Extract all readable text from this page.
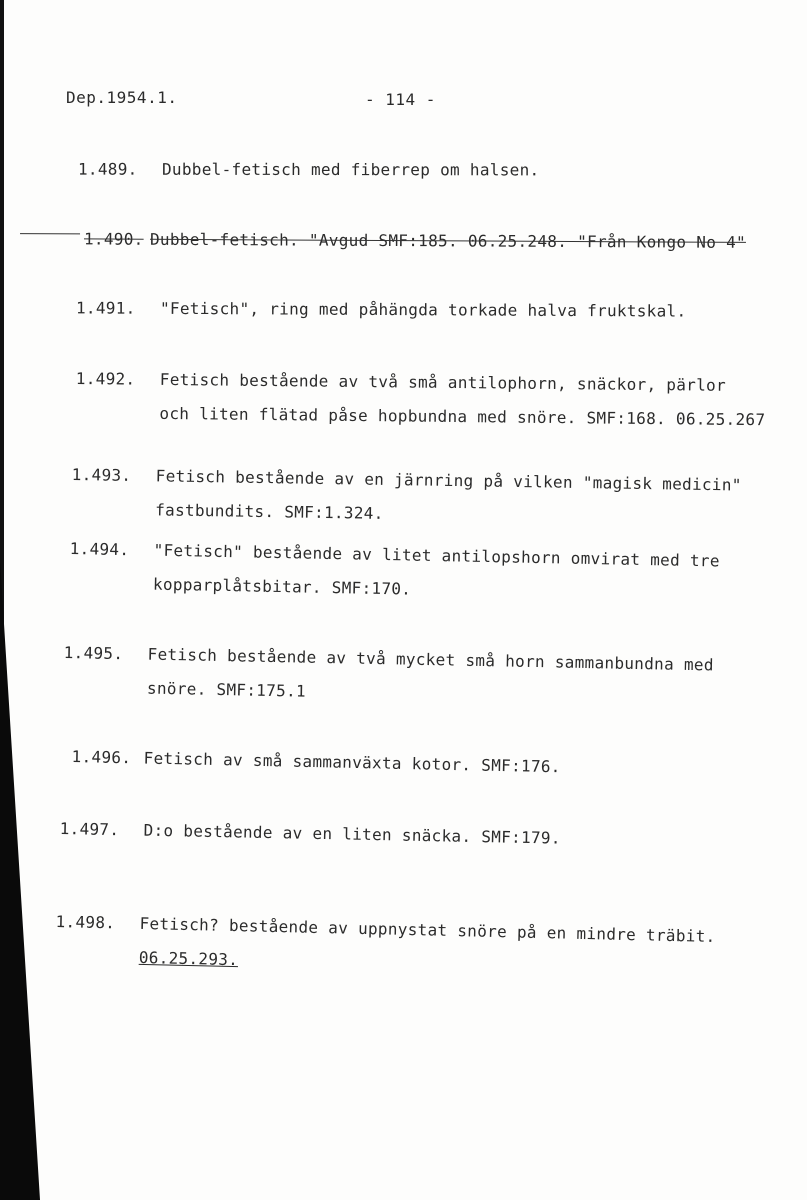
Dep.1954.1.	- 114 -
1.489. Dubbel-fetisch med fiberrep om halsen.
1.490. Dubbel-fetisch. "Avgud SMF:185. 06.25.248. "Från Kongo No 4"
1.491. "Fetisch", ring med påhängda torkade halva fruktskal.
1.492. Fetisch bestående av två små antilophorn, snäckor, pärlor
och liten flätad påse hopbundna med snöre. SMF:168. 06.25.267
1.493. Fetisch bestående av en järnring på vilken "magisk medicin"
fastbundits. SMF:1.324.
1.494. "Fetisch" bestående av litet antilopshorn omvirat med tre
kopparplåtsbitar. SMF:170.
1.495. Fetisch bestående av två mycket små horn sammanbundna med
snöre. SMF:175.1
1.496. Fetisch av små sammanväxta kotor. SMF:176.
1.497. D:o bestående av en liten snäcka. SMF:179.
1.498. Fetisch? bestående av uppnystat snöre på en mindre träbit.
06.25.293.
